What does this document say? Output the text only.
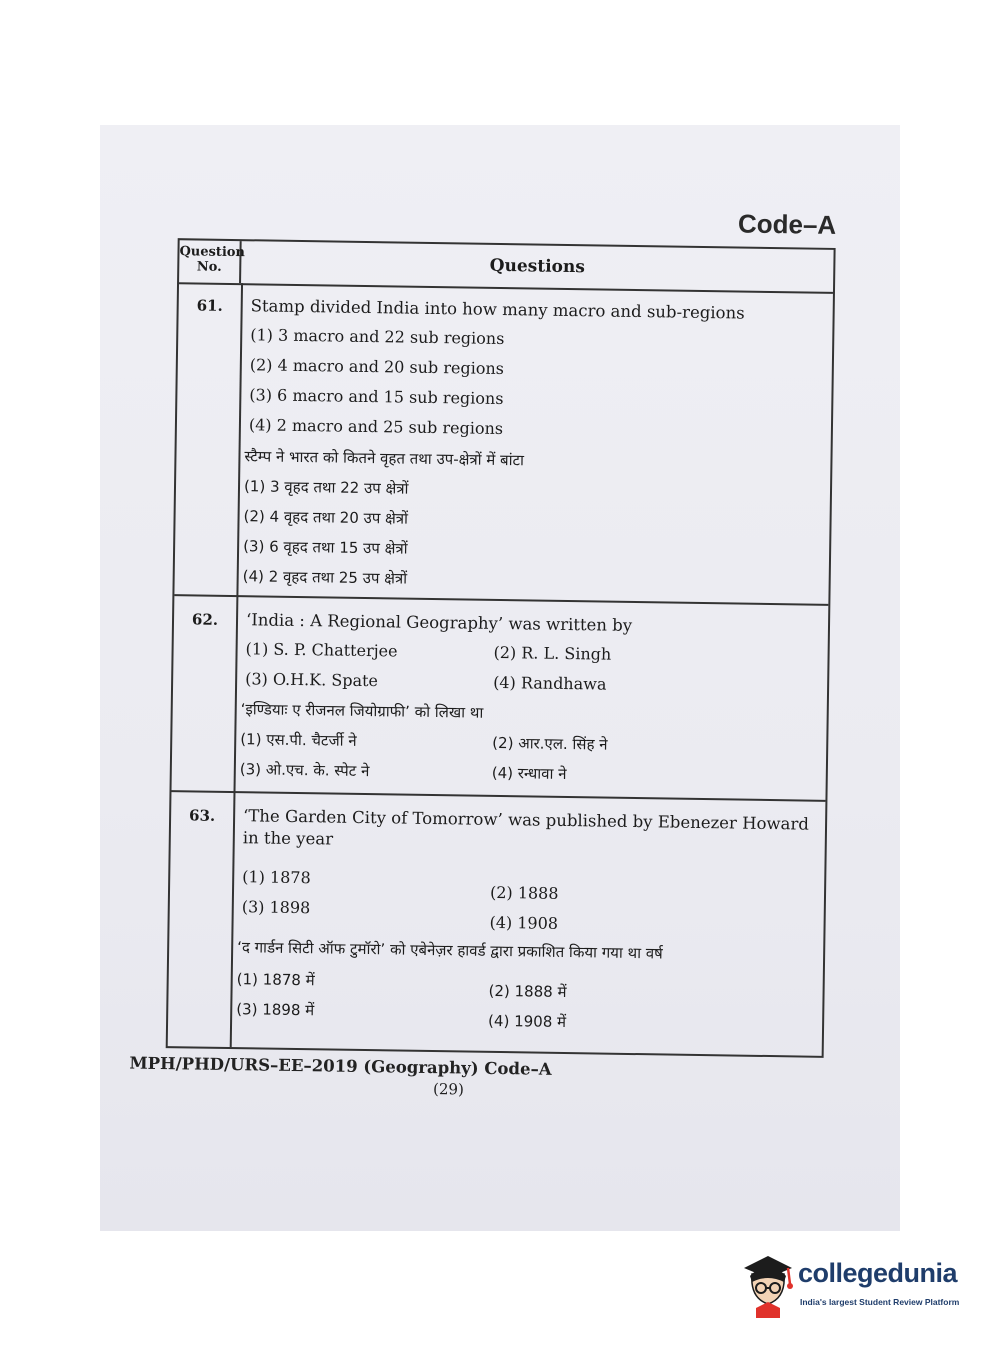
Code–A
Question
No.	Questions
61.	Stamp divided India into how many macro and sub-regions
(1) 3 macro and 22 sub regions
(2) 4 macro and 20 sub regions
(3) 6 macro and 15 sub regions
(4) 2 macro and 25 sub regions
स्टैम्प ने भारत को कितने वृहत तथा उप-क्षेत्रों में बांटा
(1) 3 वृहद तथा 22 उप क्षेत्रों
(2) 4 वृहद तथा 20 उप क्षेत्रों
(3) 6 वृहद तथा 15 उप क्षेत्रों
(4) 2 वृहद तथा 25 उप क्षेत्रों
62.	‘India : A Regional Geography’ was written by
(1) S. P. Chatterjee	(2) R. L. Singh
(3) O.H.K. Spate	(4) Randhawa
‘इण्डियाः ए रीजनल जियोग्राफी’ को लिखा था
(1) एस.पी. चैटर्जी ने	(2) आर.एल. सिंह ने
(3) ओ.एच. के. स्पेट ने	(4) रन्धावा ने
63.	‘The Garden City of Tomorrow’ was published by Ebenezer Howard in the year
(1) 1878
(2) 1888
(3) 1898
(4) 1908
‘द गार्डन सिटी ऑफ टुमॉरो’ को एबेनेज़र हावर्ड द्वारा प्रकाशित किया गया था वर्ष
(1) 1878 में
(2) 1888 में
(3) 1898 में
(4) 1908 में
MPH/PHD/URS–EE–2019 (Geography) Code–A
(29)
collegedunia
India's largest Student Review Platform
